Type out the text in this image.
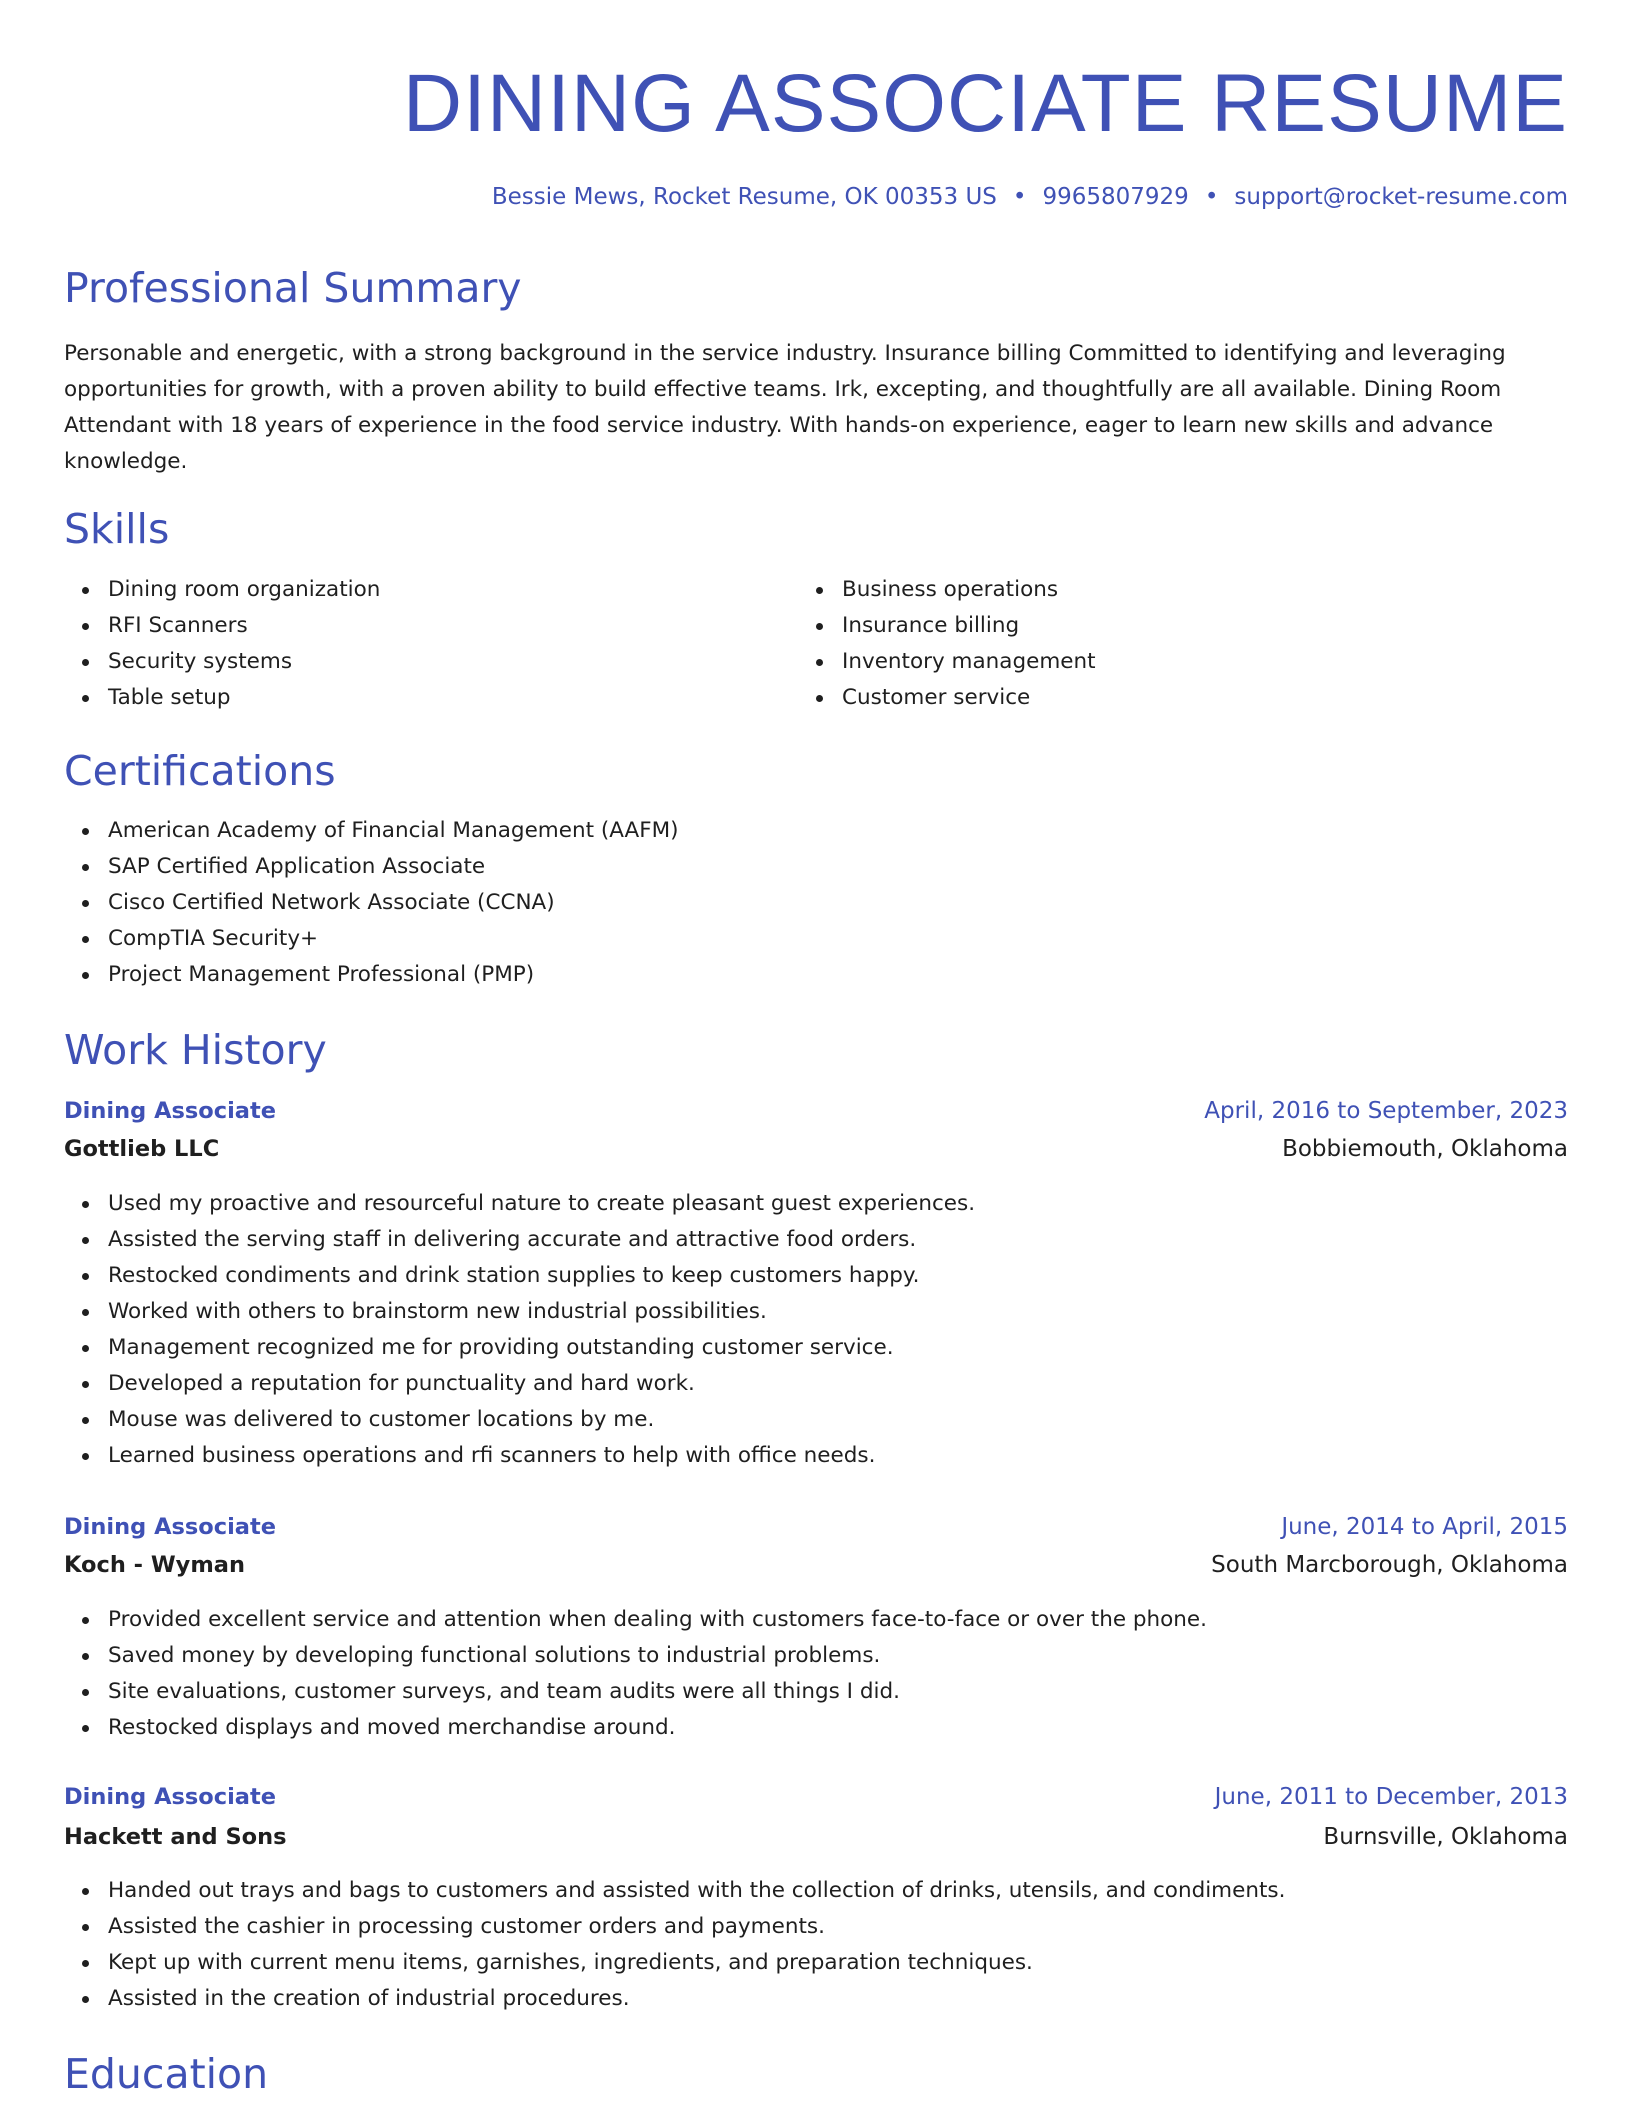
DINING ASSOCIATE RESUME
Bessie Mews, Rocket Resume, OK 00353 US • 9965807929 • support@rocket-resume.com
Professional Summary

Personable and energetic, with a strong background in the service industry. Insurance billing Committed to identifying and leveraging opportunities for growth, with a proven ability to build effective teams. Irk, excepting, and thoughtfully are all available. Dining Room Attendant with 18 years of experience in the food service industry. With hands-on experience, eager to learn new skills and advance knowledge.

Skills
Dining room organization
RFI Scanners
Security systems
Table setup
Business operations
Insurance billing
Inventory management
Customer service
Certifications
American Academy of Financial Management (AAFM)
SAP Certified Application Associate
Cisco Certified Network Associate (CCNA)
CompTIA Security+
Project Management Professional (PMP)
Work History
Dining Associate	April, 2016 to September, 2023
Gottlieb LLC	Bobbiemouth, Oklahoma
Used my proactive and resourceful nature to create pleasant guest experiences.
Assisted the serving staff in delivering accurate and attractive food orders.
Restocked condiments and drink station supplies to keep customers happy.
Worked with others to brainstorm new industrial possibilities.
Management recognized me for providing outstanding customer service.
Developed a reputation for punctuality and hard work.
Mouse was delivered to customer locations by me.
Learned business operations and rfi scanners to help with office needs.
Dining Associate	June, 2014 to April, 2015
Koch - Wyman	South Marcborough, Oklahoma
Provided excellent service and attention when dealing with customers face-to-face or over the phone.
Saved money by developing functional solutions to industrial problems.
Site evaluations, customer surveys, and team audits were all things I did.
Restocked displays and moved merchandise around.
Dining Associate	June, 2011 to December, 2013
Hackett and Sons	Burnsville, Oklahoma
Handed out trays and bags to customers and assisted with the collection of drinks, utensils, and condiments.
Assisted the cashier in processing customer orders and payments.
Kept up with current menu items, garnishes, ingredients, and preparation techniques.
Assisted in the creation of industrial procedures.
Education
